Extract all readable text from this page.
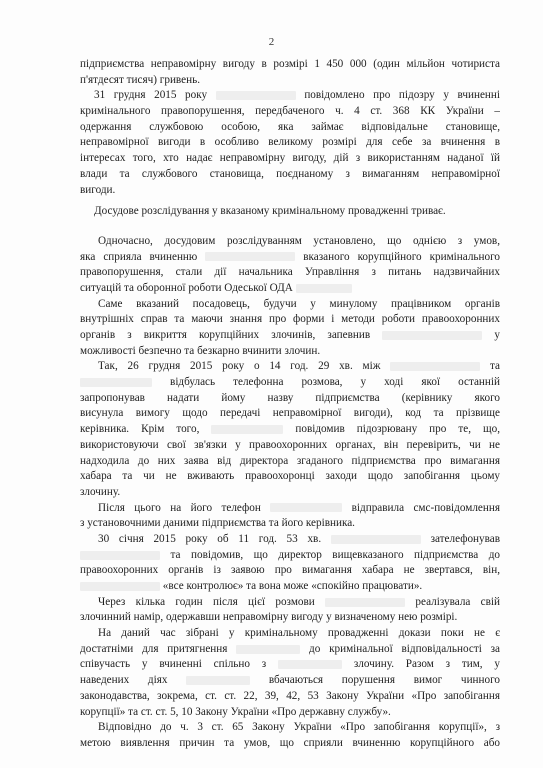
2
підприємства неправомірну вигоду в розмірі 1 450 000 (один мільйон чотириста
п'ятдесят тисяч) гривень.
31 грудня 2015 року	повідомлено про підозру у вчиненні
кримінального правопорушення, передбаченого ч. 4 ст. 368 КК України –
одержання службовою особою, яка займає відповідальне становище,
неправомірної вигоди в особливо великому розмірі для себе за вчинення в
інтересах того, хто надає неправомірну вигоду, дій з використанням наданої їй
влади та службового становища, поєднаному з вимаганням неправомірної
вигоди.
Досудове розслідування у вказаному кримінальному провадженні триває.
Одночасно, досудовим розслідуванням установлено, що однією з умов,
яка сприяла вчиненню	вказаного корупційного кримінального
правопорушення, стали дії начальника Управління з питань надзвичайних
ситуацій та оборонної роботи Одеської ОДА
Саме вказаний посадовець, будучи у минулому працівником органів
внутрішніх справ та маючи знання про форми і методи роботи правоохоронних
органів з викриття корупційних злочинів, запевнив	у
можливості безпечно та безкарно вчинити злочин.
Так, 26 грудня 2015 року о 14 год. 29 хв. між	та
відбулась телефонна розмова, у ході якої останній
запропонував надати йому назву підприємства (керівнику якого
висунула вимогу щодо передачі неправомірної вигоди), код та прізвище
керівника. Крім того,	повідомив підозрювану про те, що,
використовуючи свої зв'язки у правоохоронних органах, він перевірить, чи не
надходила до них заява від директора згаданого підприємства про вимагання
хабара та чи не вживають правоохоронці заходи щодо запобігання цьому
злочину.
Після цього на його телефон	відправила смс-повідомлення
з установочними даними підприємства та його керівника.
30 січня 2015 року об 11 год. 53 хв.	зателефонував
та повідомив, що директор вищевказаного підприємства до
правоохоронних органів із заявою про вимагання хабара не звертався, він,
«все контролює» та вона може «спокійно працювати».
Через кілька годин після цієї розмови	реалізувала свій
злочинний намір, одержавши неправомірну вигоду у визначеному нею розмірі.
На даний час зібрані у кримінальному провадженні докази поки не є
достатніми для притягнення	до кримінальної відповідальності за
співучасть у вчиненні спільно з	злочину. Разом з тим, у
наведених діях	вбачаються порушення вимог чинного
законодавства, зокрема, ст. ст. 22, 39, 42, 53 Закону України «Про запобігання
корупції» та ст. ст. 5, 10 Закону України «Про державну службу».
Відповідно до ч. 3 ст. 65 Закону України «Про запобігання корупції», з
метою виявлення причин та умов, що сприяли вчиненню корупційного або
